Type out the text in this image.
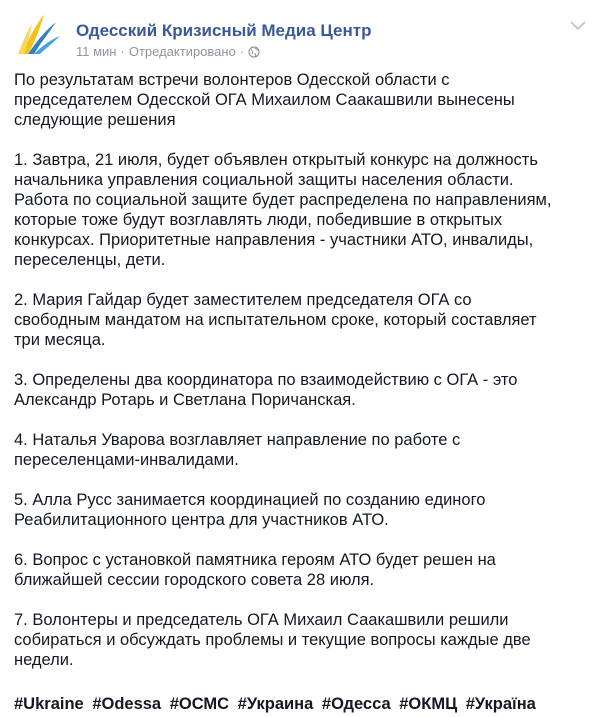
Одесский Кризисный Медиа Центр
11 мин · Отредактировано ·

По результатам встречи волонтеров Одесской области с
председателем Одесской ОГА Михаилом Саакашвили вынесены
следующие решения

1. Завтра, 21 июля, будет объявлен открытый конкурс на должность
начальника управления социальной защиты населения области.
Работа по социальной защите будет распределена по направлениям,
которые тоже будут возглавлять люди, победившие в открытых
конкурсах. Приоритетные направления - участники АТО, инвалиды,
переселенцы, дети.

2. Мария Гайдар будет заместителем председателя ОГА со
свободным мандатом на испытательном сроке, который составляет
три месяца.

3. Определены два координатора по взаимодействию с ОГА - это
Александр Ротарь и Светлана Поричанская.

4. Наталья Уварова возглавляет направление по работе с
переселенцами-инвалидами.

5. Алла Русс занимается координацией по созданию единого
Реабилитационного центра для участников АТО.

6. Вопрос с установкой памятника героям АТО будет решен на
ближайшей сессии городского совета 28 июля.

7. Волонтеры и председатель ОГА Михаил Саакашвили решили
собираться и обсуждать проблемы и текущие вопросы каждые две
недели.

#Ukraine #Odessa #ОСМС #Украина #Одесса #ОКМЦ #Україна
